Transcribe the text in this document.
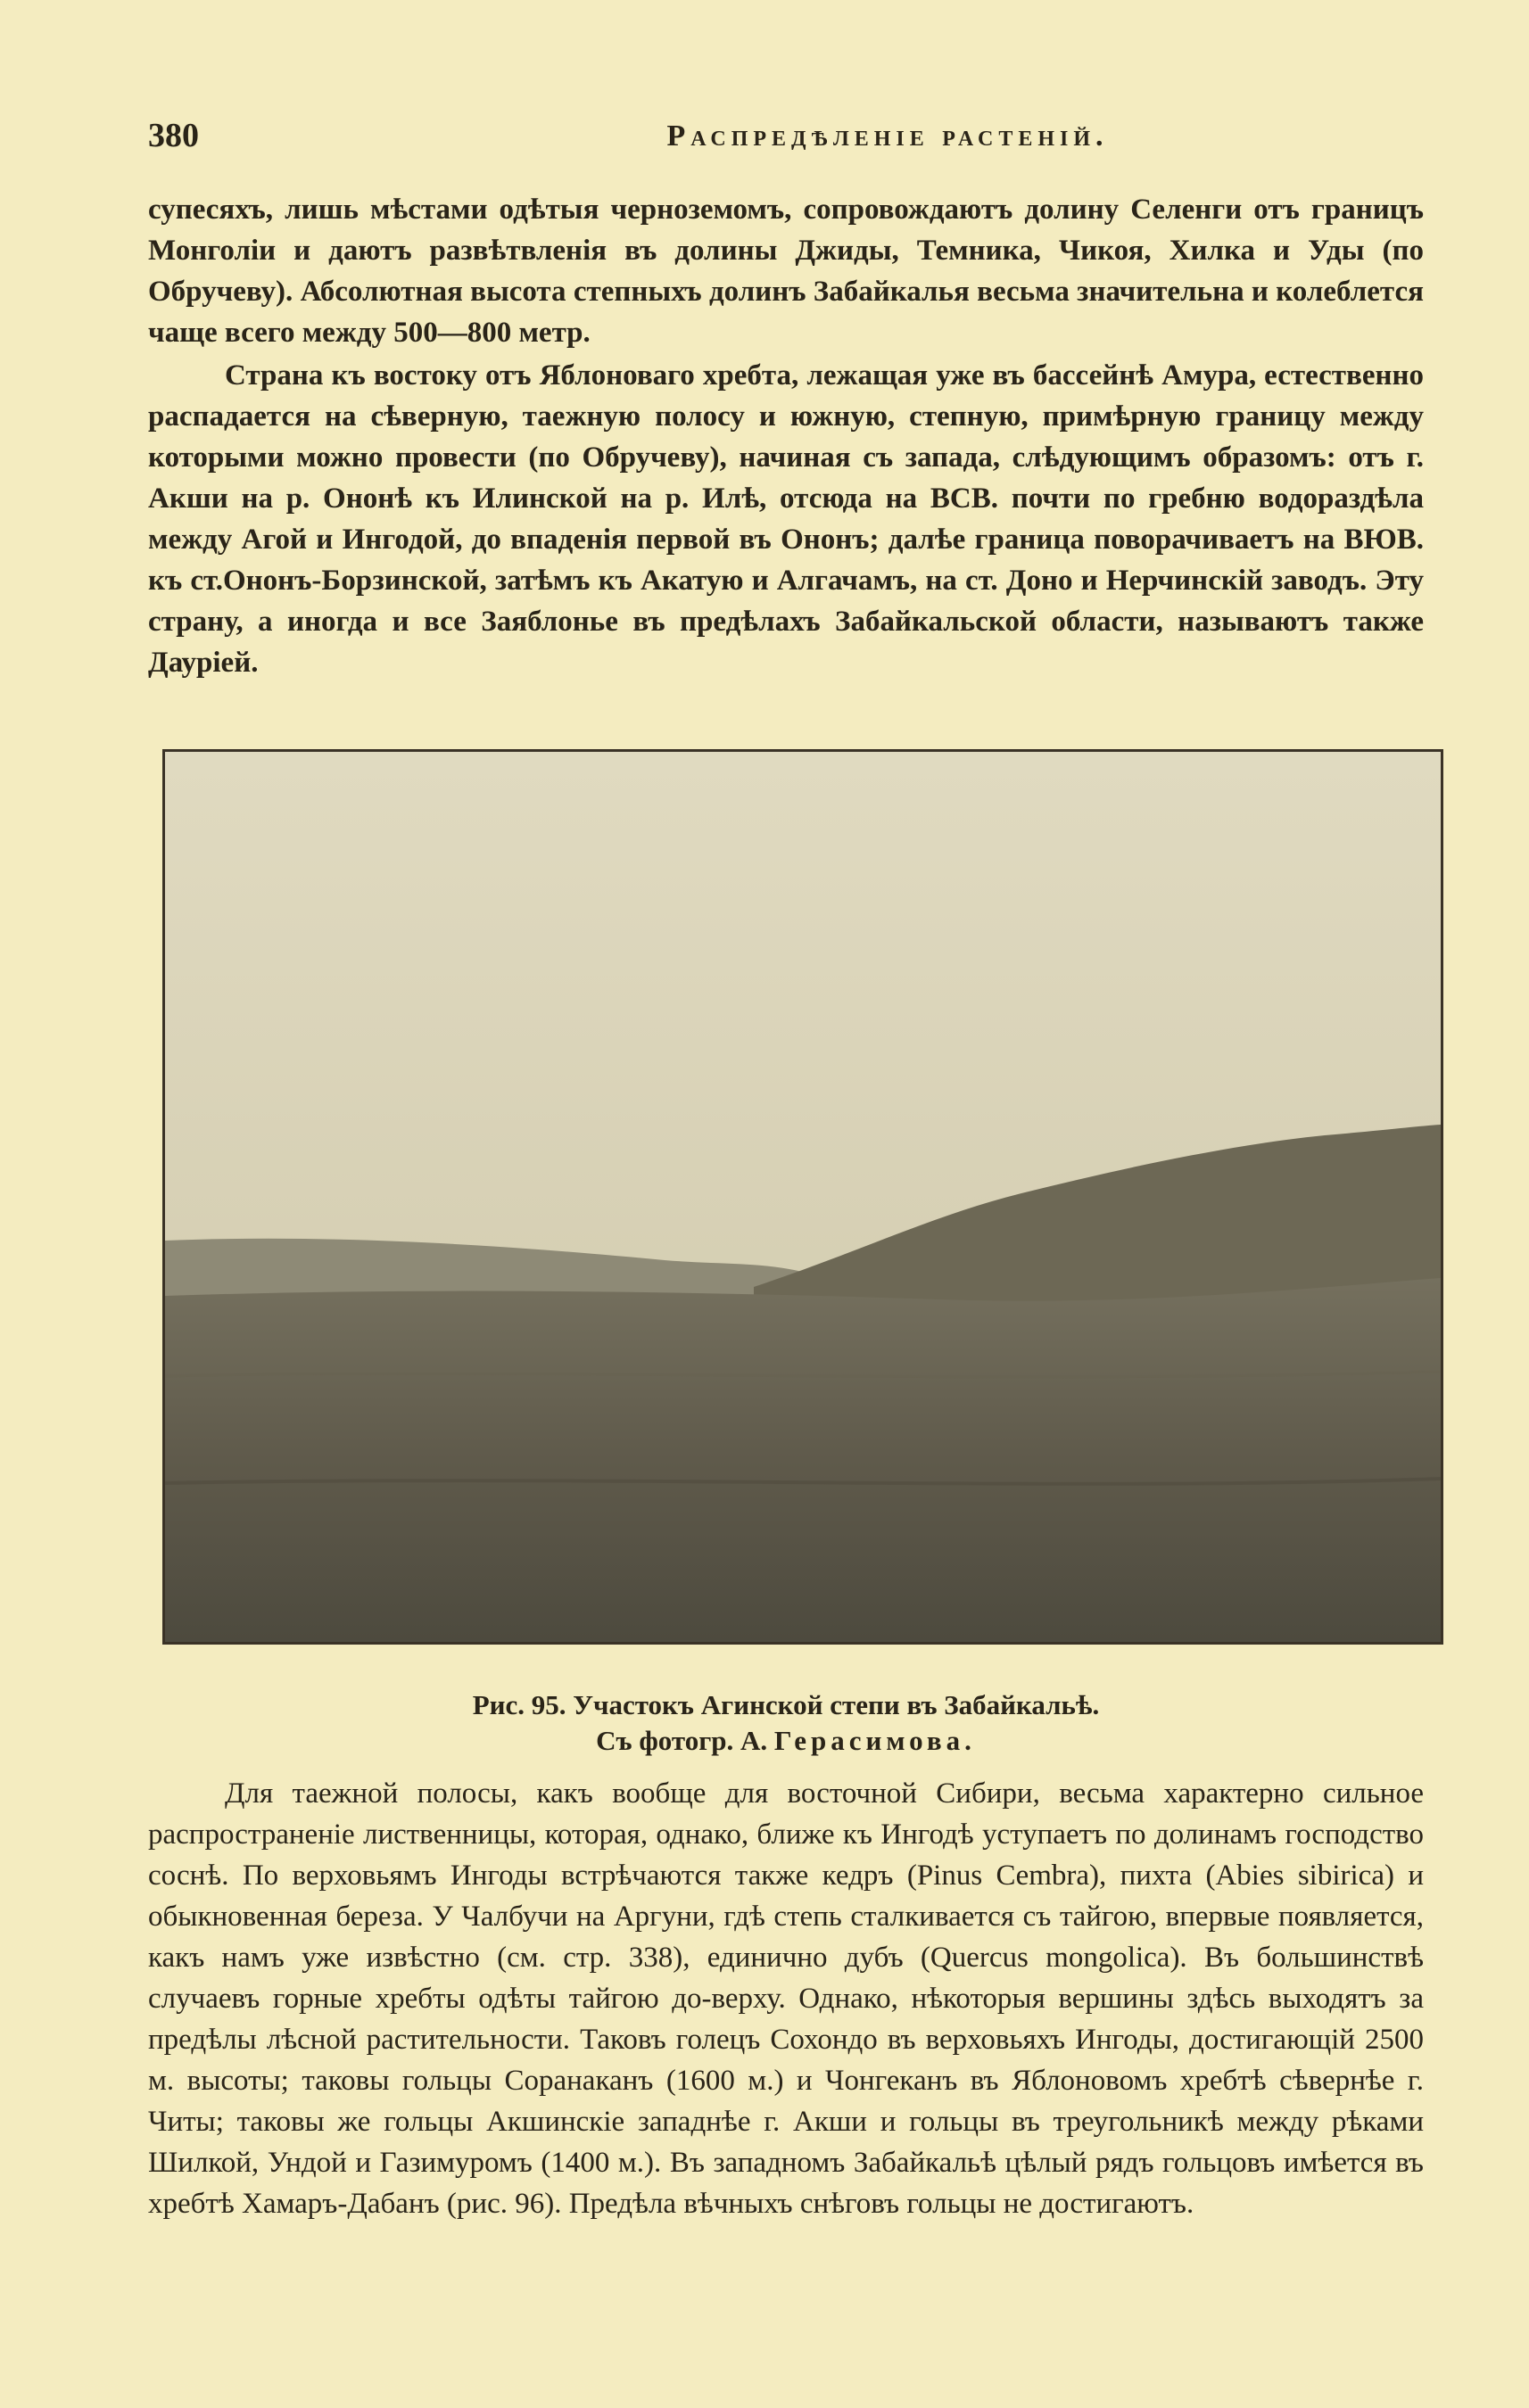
380	Распредѣленіе растеній.

супесяхъ, лишь мѣстами одѣтыя черноземомъ, сопровождаютъ долину Селенги отъ границъ Монголіи и даютъ развѣтвленія въ долины Джиды, Темника, Чикоя, Хилка и Уды (по Обручеву). Абсолютная высота степныхъ долинъ Забайкалья весьма значительна и колеблется чаще всего между 500—800 метр.

Страна къ востоку отъ Яблоноваго хребта, лежащая уже въ бассейнѣ Амура, естественно распадается на сѣверную, таежную полосу и южную, степную, примѣрную границу между которыми можно провести (по Обручеву), начиная съ запада, слѣдующимъ образомъ: отъ г. Акши на р. Ононѣ къ Илинской на р. Илѣ, отсюда на ВСВ. почти по гребню водораздѣла между Агой и Ингодой, до впаденія первой въ Ононъ; далѣе граница поворачиваетъ на ВЮВ. къ ст.Ононъ-Борзинской, затѣмъ къ Акатую и Алгачамъ, на ст. Доно и Нерчинскій заводъ. Эту страну, а иногда и все Заяблонье въ предѣлахъ Забайкальской области, называютъ также Дауріей.

Рис. 95. Участокъ Агинской степи въ Забайкальѣ.
Съ фотогр. А. Герасимова.

Для таежной полосы, какъ вообще для восточной Сибири, весьма характерно сильное распространеніе лиственницы, которая, однако, ближе къ Ингодѣ уступаетъ по долинамъ господство соснѣ. По верховьямъ Ингоды встрѣчаются также кедръ (Pinus Cembra), пихта (Abies sibirica) и обыкновенная береза. У Чалбучи на Аргуни, гдѣ степь сталкивается съ тайгою, впервые появляется, какъ намъ уже извѣстно (см. стр. 338), единично дубъ (Quercus mongolica). Въ большинствѣ случаевъ горные хребты одѣты тайгою до-верху. Однако, нѣкоторыя вершины здѣсь выходятъ за предѣлы лѣсной растительности. Таковъ голецъ Сохондо въ верховьяхъ Ингоды, достигающій 2500 м. высоты; таковы гольцы Соранаканъ (1600 м.) и Чонгеканъ въ Яблоновомъ хребтѣ сѣвернѣе г. Читы; таковы же гольцы Акшинскіе западнѣе г. Акши и гольцы въ треугольникѣ между рѣками Шилкой, Ундой и Газимуромъ (1400 м.). Въ западномъ Забайкальѣ цѣлый рядъ гольцовъ имѣется въ хребтѣ Хамаръ-Дабанъ (рис. 96). Предѣла вѣчныхъ снѣговъ гольцы не достигаютъ.
